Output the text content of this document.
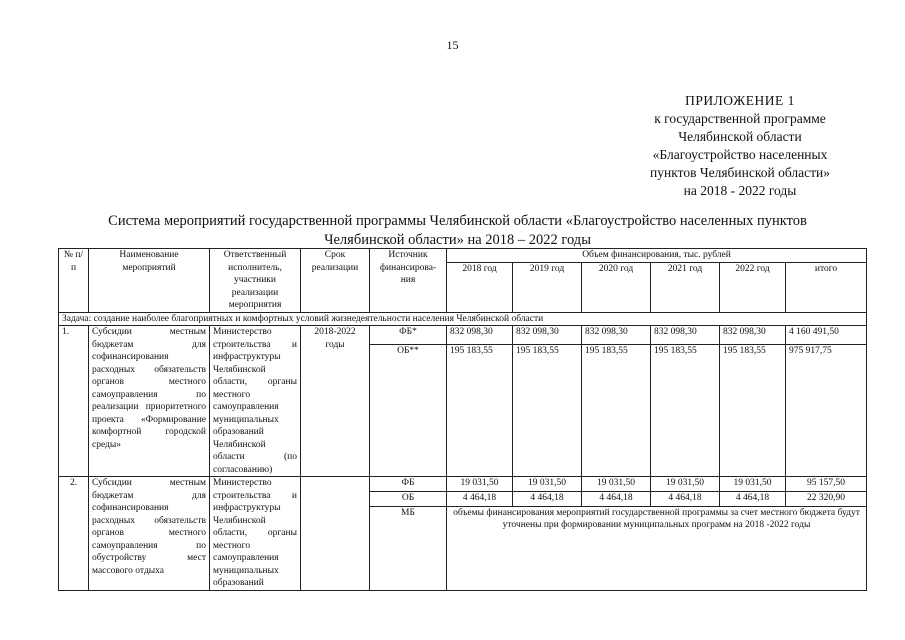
15
ПРИЛОЖЕНИЕ 1
к государственной программе
Челябинской области
«Благоустройство населенных
пунктов Челябинской области»
на 2018 - 2022 годы
Система мероприятий государственной программы Челябинской области «Благоустройство населенных пунктов
Челябинской области» на 2018 – 2022 годы
№ п/п	Наименование мероприятий	Ответственный исполнитель, участники реализации мероприятия	Срок реализации	Источник финансирова- ния	Объем финансирования, тыс. рублей					
					2018 год	2019 год	2020 год	2021 год	2022 год	итого
Задача: создание наиболее благоприятных и комфортных условий жизнедеятельности населения Челябинской области										
1.	Субсидии местным бюджетам для софинансирования расходных обязательств органов местного самоуправления по реализации приоритетного проекта «Формирование комфортной городской среды»	Министерство строительства и инфраструктуры Челябинской области, органы местного самоуправления муниципальных образований Челябинской области (по согласованию)	2018-2022 годы	ФБ*	832 098,30	832 098,30	832 098,30	832 098,30	832 098,30	4 160 491,50
				ОБ**	195 183,55	195 183,55	195 183,55	195 183,55	195 183,55	975 917,75
2.	Субсидии местным бюджетам для софинансирования расходных обязательств органов местного самоуправления по обустройству мест массового отдыха	Министерство строительства и инфраструктуры Челябинской области, органы местного самоуправления муниципальных образований		ФБ	19 031,50	19 031,50	19 031,50	19 031,50	19 031,50	95 157,50
				ОБ	4 464,18	4 464,18	4 464,18	4 464,18	4 464,18	22 320,90
				МБ	объемы финансирования мероприятий государственной программы за счет местного бюджета будут уточнены при формировании муниципальных программ на 2018 -2022 годы					
